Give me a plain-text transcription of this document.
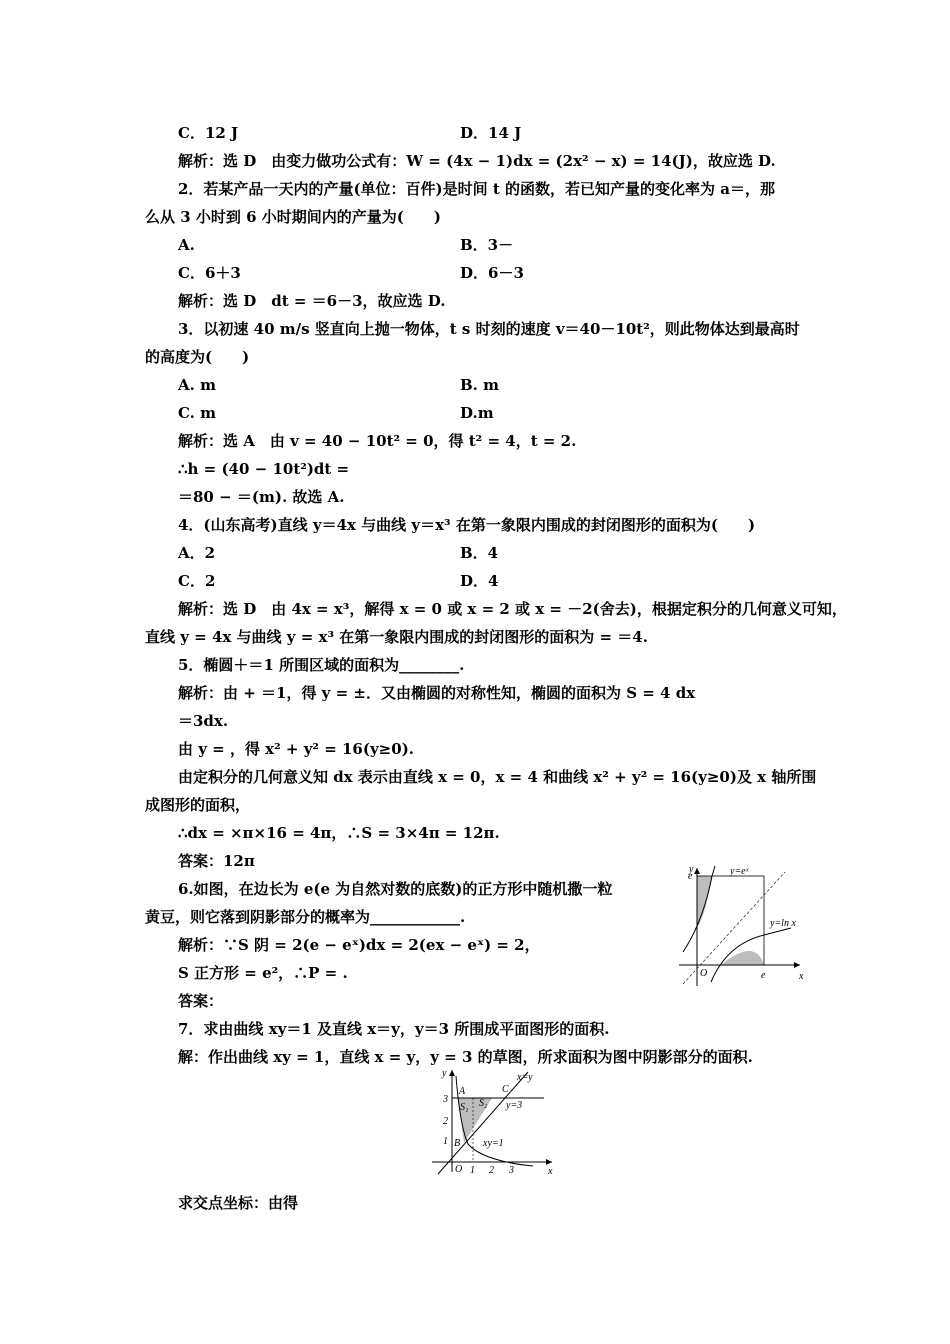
C．12 J	D．14 J
解析：选 D　由变力做功公式有：W = (4x − 1)dx = (2x² − x) = 14(J)，故应选 D.
2．若某产品一天内的产量(单位：百件)是时间 t 的函数，若已知产量的变化率为 a＝，那
么从 3 小时到 6 小时期间内的产量为(　　)
A.	B．3－
C．6＋3	D．6－3
解析：选 D　dt = ＝6－3，故应选 D.
3．以初速 40 m/s 竖直向上抛一物体，t s 时刻的速度 v＝40－10t²，则此物体达到最高时
的高度为(　　)
A. m	B. m
C. m	D.m
解析：选 A　由 v = 40 − 10t² = 0，得 t² = 4，t = 2.
∴h = (40 − 10t²)dt =
＝80 − ＝(m). 故选 A.
4．(山东高考)直线 y＝4x 与曲线 y＝x³ 在第一象限内围成的封闭图形的面积为(　　)
A．2	B．4
C．2	D．4
解析：选 D　由 4x = x³，解得 x = 0 或 x = 2 或 x = －2(舍去)，根据定积分的几何意义可知，
直线 y = 4x 与曲线 y = x³ 在第一象限内围成的封闭图形的面积为 = ＝4.
5．椭圆＋＝1 所围区域的面积为________.
解析：由 + ＝1，得 y = ±．又由椭圆的对称性知，椭圆的面积为 S = 4 dx
＝3dx.
由 y = ，得 x² + y² = 16(y≥0).
由定积分的几何意义知 dx 表示由直线 x = 0，x = 4 和曲线 x² + y² = 16(y≥0)及 x 轴所围
成图形的面积，
∴dx = ×π×16 = 4π，∴S = 3×4π = 12π.
答案：12π
6.如图，在边长为 e(e 为自然对数的底数)的正方形中随机撒一粒
黄豆，则它落到阴影部分的概率为____________.
解析：∵S 阴 = 2(e − eˣ)dx = 2(ex − eˣ) = 2，
S 正方形 = e²，∴P = .
答案：
7．求由曲线 xy＝1 及直线 x＝y，y＝3 所围成平面图形的面积.
解：作出曲线 xy = 1，直线 x = y，y = 3 的草图，所求面积为图中阴影部分的面积.
求交点坐标：由得
y
x
O
e
e
y=eˣ
y=ln x
y
x
O
A
B
C
S₁ S₂
x=y
y=3
xy=1
1 2 3
1
2
3
